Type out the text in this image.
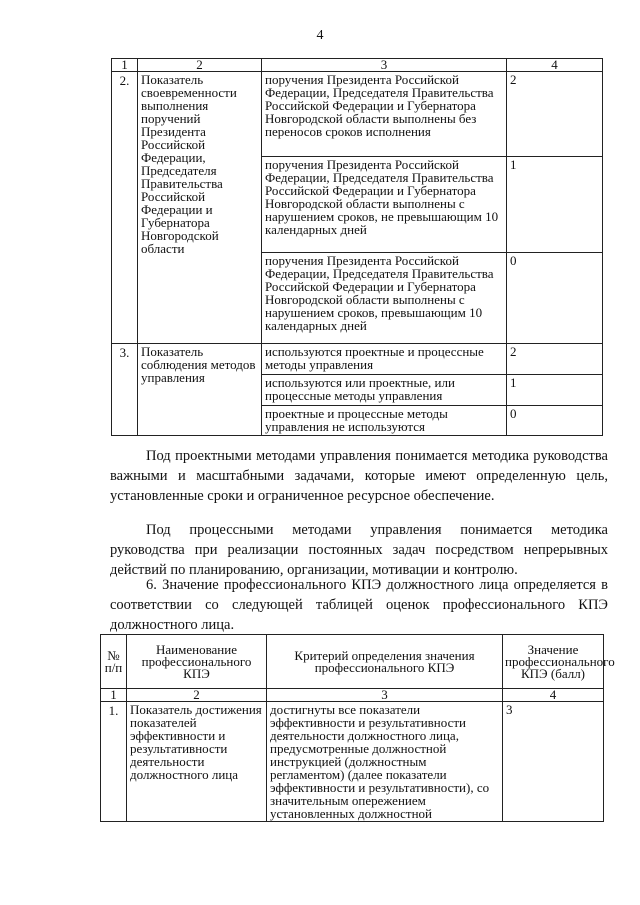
4
1	2	3	4
2.	Показатель своевременности выполнения поручений Президента Российской Федерации, Председателя Правительства Российской Федерации и Губернатора Новгородской области	поручения Президента Российской Федерации, Председателя Правительства Российской Федерации и Губернатора Новгородской области выполнены без переносов сроков исполнения	2
		поручения Президента Российской Федерации, Председателя Правительства Российской Федерации и Губернатора Новгородской области выполнены с нарушением сроков, не превышающим 10 календарных дней	1
		поручения Президента Российской Федерации, Председателя Правительства Российской Федерации и Губернатора Новгородской области выполнены с нарушением сроков, превышающим 10 календарных дней	0
3.	Показатель соблюдения методов управления	используются проектные и процессные методы управления	2
		используются или проектные, или процессные методы управления	1
		проектные и процессные методы управления не используются	0

Под проектными методами управления понимается методика руководства важными и масштабными задачами, которые имеют определенную цель, установленные сроки и ограниченное ресурсное обеспечение.

Под процессными методами управления понимается методика руководства при реализации постоянных задач посредством непрерывных действий по планированию, организации, мотивации и контролю.

6. Значение профессионального КПЭ должностного лица определяется в соответствии со следующей таблицей оценок профессионального КПЭ должностного лица.

№ п/п	Наименование профессионального КПЭ	Критерий определения значения профессионального КПЭ	Значение профессионального КПЭ (балл)
1	2	3	4
1.	Показатель достижения показателей эффективности и результативности деятельности должностного лица	достигнуты все показатели эффективности и результативности деятельности должностного лица, предусмотренные должностной инструкцией (должностным регламентом) (далее показатели эффективности и результативности), со значительным опережением установленных должностной	3
